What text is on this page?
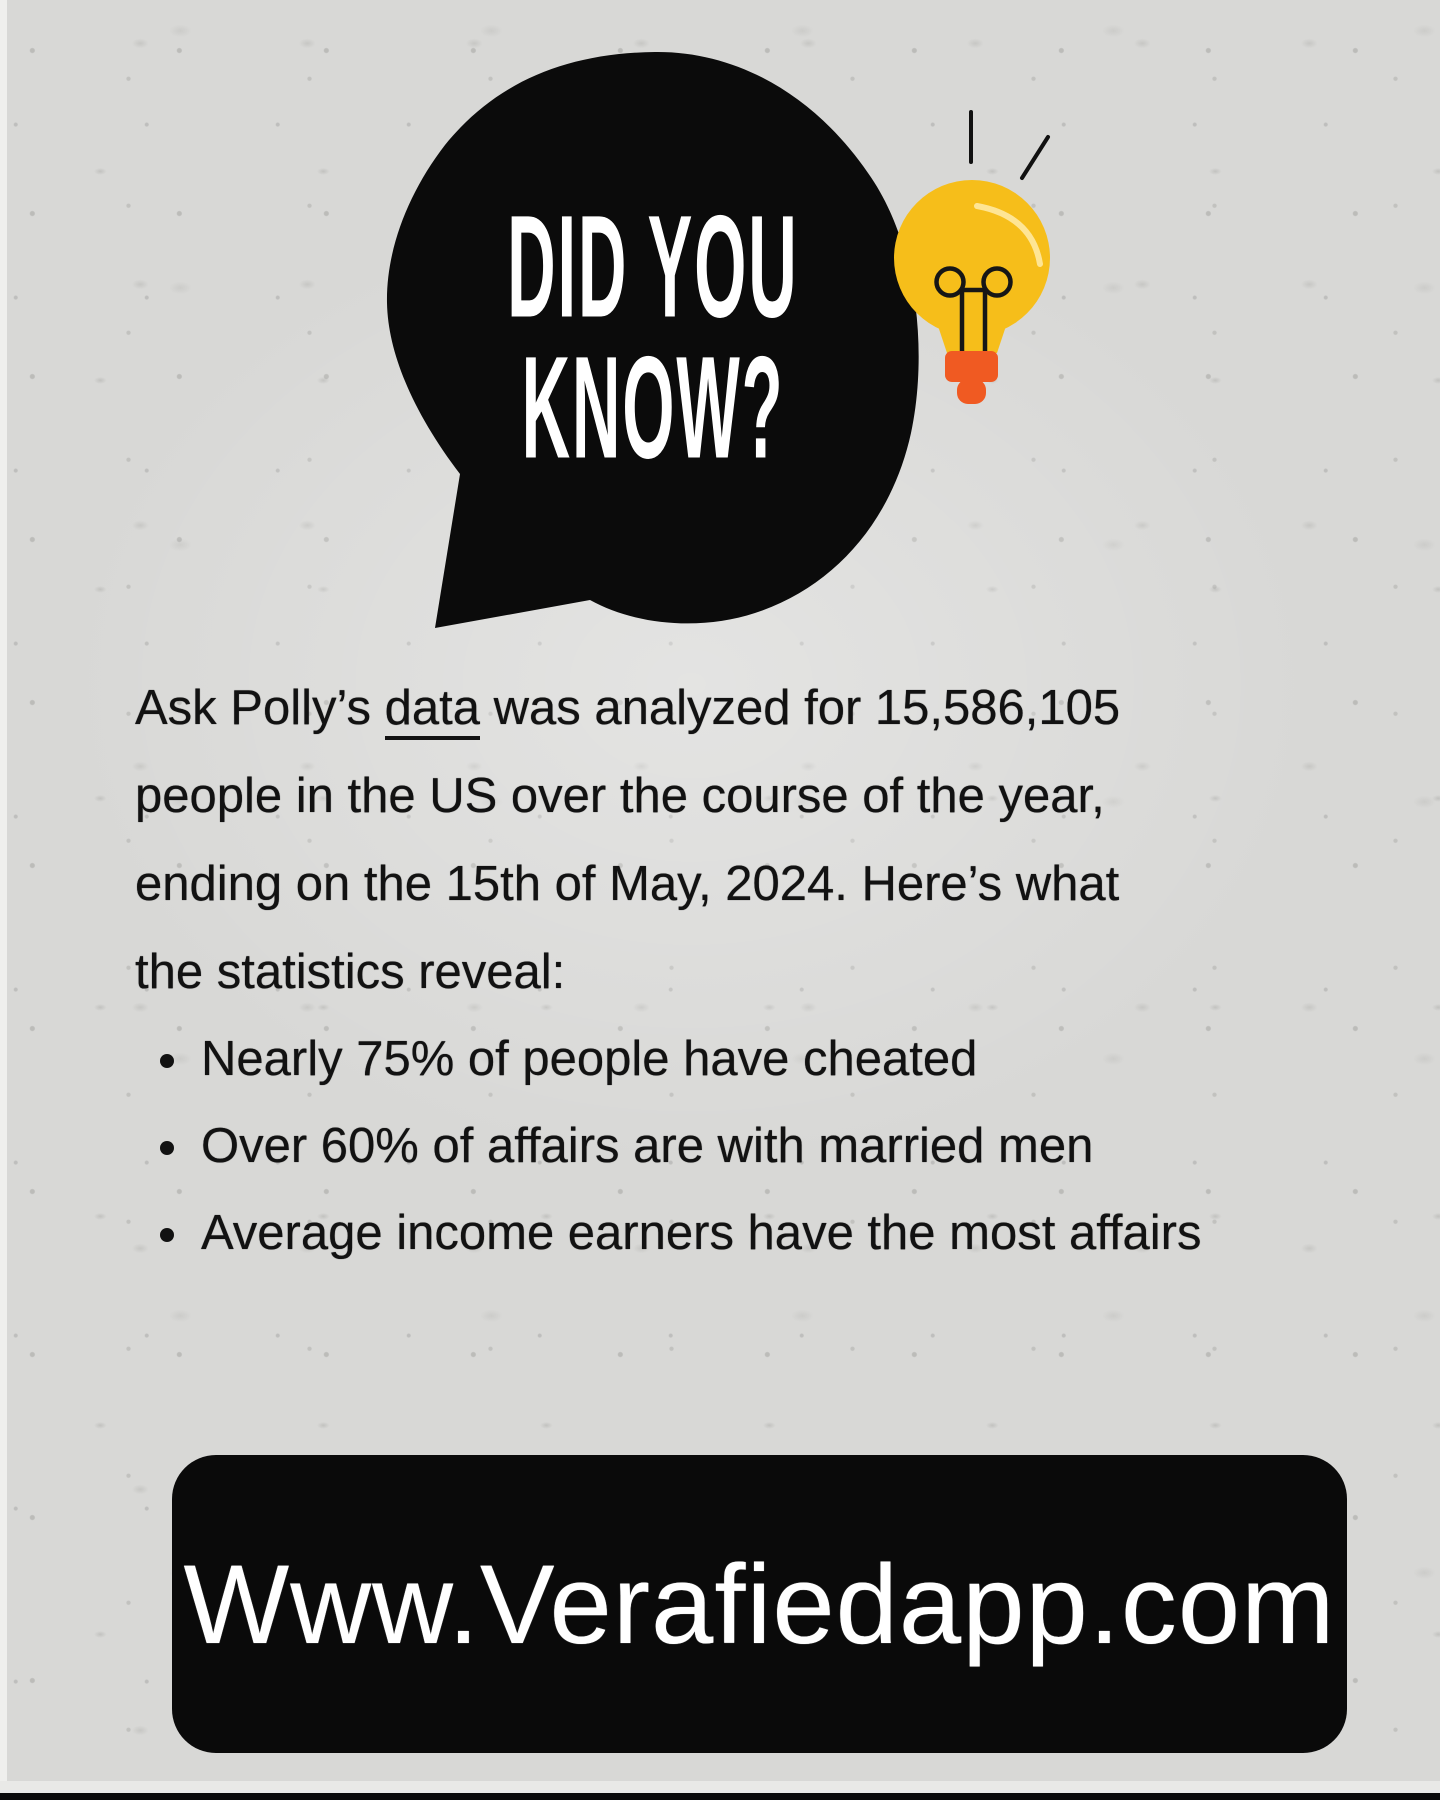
DID YOU
KNOW?
Ask Polly’s data was analyzed for 15,586,105
people in the US over the course of the year,
ending on the 15th of May, 2024. Here’s what
the statistics reveal:
• Nearly 75% of people have cheated
• Over 60% of affairs are with married men
• Average income earners have the most affairs
Www.Verafiedapp.com
